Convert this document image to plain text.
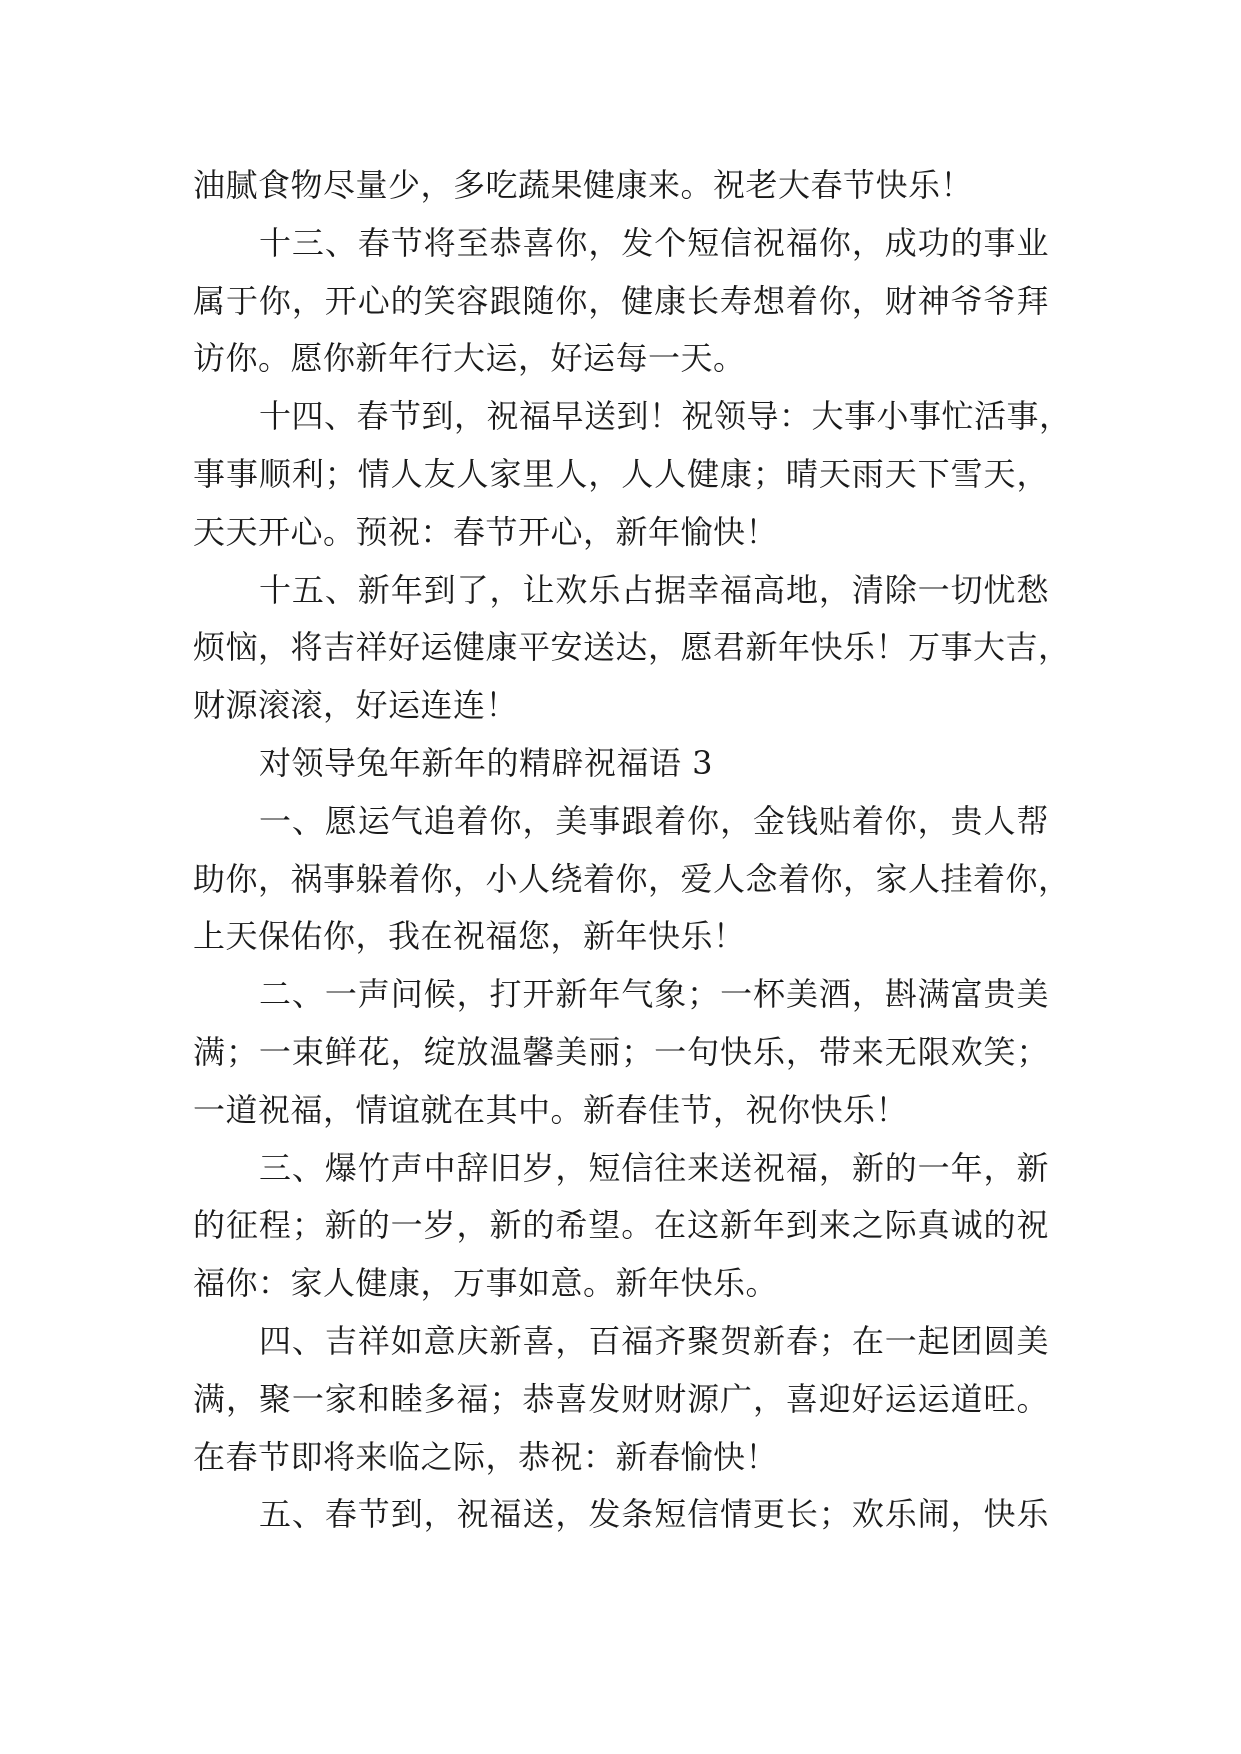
油腻食物尽量少，多吃蔬果健康来。祝老大春节快乐！
十三、春节将至恭喜你，发个短信祝福你，成功的事业
属于你，开心的笑容跟随你，健康长寿想着你，财神爷爷拜
访你。愿你新年行大运，好运每一天。
十四、春节到，祝福早送到！祝领导：大事小事忙活事，
事事顺利；情人友人家里人，人人健康；晴天雨天下雪天，
天天开心。预祝：春节开心，新年愉快！
十五、新年到了，让欢乐占据幸福高地，清除一切忧愁
烦恼，将吉祥好运健康平安送达，愿君新年快乐！万事大吉，
财源滚滚，好运连连！
对领导兔年新年的精辟祝福语 3
一、愿运气追着你，美事跟着你，金钱贴着你，贵人帮
助你，祸事躲着你，小人绕着你，爱人念着你，家人挂着你，
上天保佑你，我在祝福您，新年快乐！
二、一声问候，打开新年气象；一杯美酒，斟满富贵美
满；一束鲜花，绽放温馨美丽；一句快乐，带来无限欢笑；
一道祝福，情谊就在其中。新春佳节，祝你快乐！
三、爆竹声中辞旧岁，短信往来送祝福，新的一年，新
的征程；新的一岁，新的希望。在这新年到来之际真诚的祝
福你：家人健康，万事如意。新年快乐。
四、吉祥如意庆新喜，百福齐聚贺新春；在一起团圆美
满，聚一家和睦多福；恭喜发财财源广，喜迎好运运道旺。
在春节即将来临之际，恭祝：新春愉快！
五、春节到，祝福送，发条短信情更长；欢乐闹，快乐
